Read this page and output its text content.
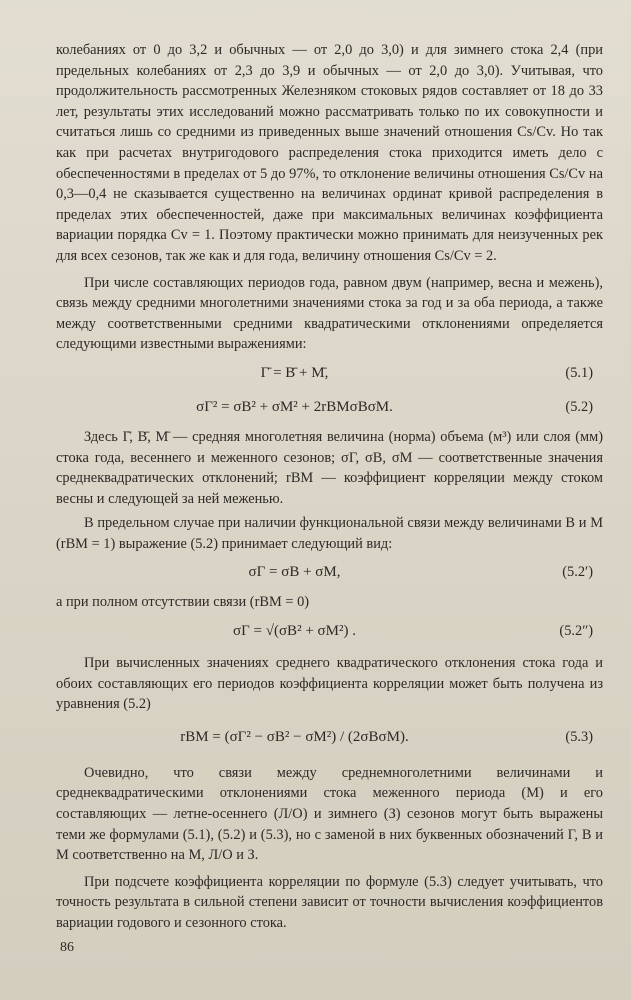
колебаниях от 0 до 3,2 и обычных — от 2,0 до 3,0) и для зимнего стока 2,4 (при предельных колебаниях от 2,3 до 3,9 и обычных — от 2,0 до 3,0). Учитывая, что продолжительность рассмотренных Железняком стоковых рядов составляет от 18 до 33 лет, результаты этих исследований можно рассматривать только по их совокупности и считаться лишь со средними из приведенных выше значений отношения Cs/Cv. Но так как при расчетах внутригодового распределения стока приходится иметь дело с обеспеченностями в пределах от 5 до 97%, то отклонение величины отношения Cs/Cv на 0,3—0,4 не сказывается существенно на величинах ординат кривой распределения в пределах этих обеспеченностей, даже при максимальных величинах коэффициента вариации порядка Cv = 1. Поэтому практически можно принимать для неизученных рек для всех сезонов, так же как и для года, величину отношения Cs/Cv = 2.

При числе составляющих периодов года, равном двум (например, весна и межень), связь между средними многолетними значениями стока за год и за оба периода, а также между соответственными средними квадратическими отклонениями определяется следующими известными выражениями:

Г̄ = В̄ + М̄,	(5.1)
σГ² = σВ² + σМ² + 2rВМσВσМ.	(5.2)

Здесь Г̄, В̄, М̄ — средняя многолетняя величина (норма) объема (м³) или слоя (мм) стока года, весеннего и меженного сезонов; σГ, σВ, σМ — соответственные значения среднеквадратических отклонений; rВМ — коэффициент корреляции между стоком весны и следующей за ней меженью.

В предельном случае при наличии функциональной связи между величинами В и М (rВМ = 1) выражение (5.2) принимает следующий вид:

σГ = σВ + σМ,	(5.2′)

а при полном отсутствии связи (rВМ = 0)

σГ = √(σВ² + σМ²) .	(5.2″)

При вычисленных значениях среднего квадратического отклонения стока года и обоих составляющих его периодов коэффициента корреляции может быть получена из уравнения (5.2)

rВМ = (σГ² − σВ² − σМ²) / (2σВσМ).	(5.3)

Очевидно, что связи между среднемноголетними величинами и среднеквадратическими отклонениями стока меженного периода (М) и его составляющих — летне-осеннего (Л/О) и зимнего (З) сезонов могут быть выражены теми же формулами (5.1), (5.2) и (5.3), но с заменой в них буквенных обозначений Г, В и М соответственно на М, Л/О и З.

При подсчете коэффициента корреляции по формуле (5.3) следует учитывать, что точность результата в сильной степени зависит от точности вычисления коэффициентов вариации годового и сезонного стока.

86
